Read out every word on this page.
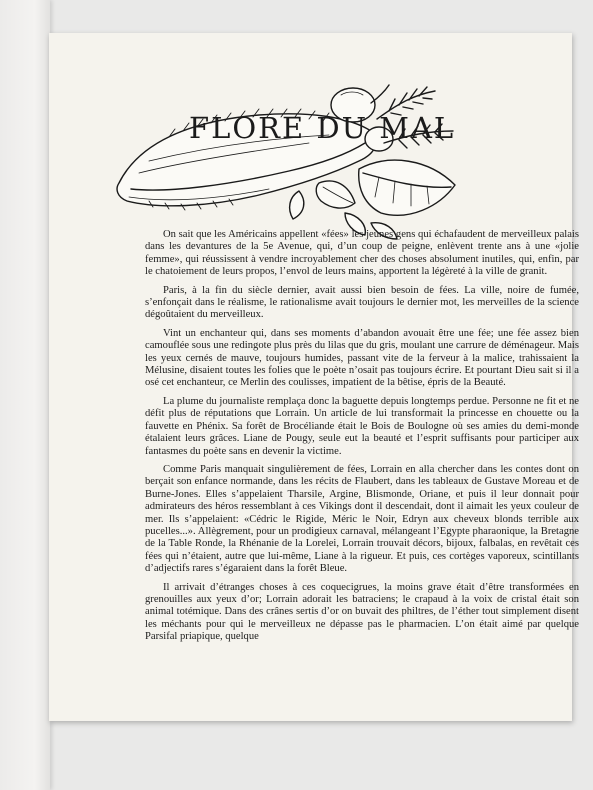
FLORE DU MAL

On sait que les Américains appellent «fées» les jeunes gens qui échafaudent de merveilleux palais dans les devantures de la 5e Avenue, qui, d’un coup de peigne, enlèvent trente ans à une «jolie femme», qui réussissent à vendre incroyablement cher des choses absolument inutiles, qui, enfin, par le chatoiement de leurs propos, l’envol de leurs mains, apportent la légèreté à la ville de granit.

Paris, à la fin du siècle dernier, avait aussi bien besoin de fées. La ville, noire de fumée, s’enfonçait dans le réalisme, le rationalisme avait toujours le dernier mot, les merveilles de la science dégoûtaient du merveilleux.

Vint un enchanteur qui, dans ses moments d’abandon avouait être une fée; une fée assez bien camouflée sous une redingote plus près du lilas que du gris, moulant une carrure de déménageur. Mais les yeux cernés de mauve, toujours humides, passant vite de la ferveur à la malice, trahissaient la Mélusine, disaient toutes les folies que le poète n’osait pas toujours écrire. Et pourtant Dieu sait si il a osé cet enchanteur, ce Merlin des coulisses, impatient de la bêtise, épris de la Beauté.

La plume du journaliste remplaça donc la baguette depuis longtemps perdue. Personne ne fit et ne défit plus de réputations que Lorrain. Un article de lui transformait la princesse en chouette ou la fauvette en Phénix. Sa forêt de Brocéliande était le Bois de Boulogne où ses amies du demi-monde étalaient leurs grâces. Liane de Pougy, seule eut la beauté et l’esprit suffisants pour participer aux fantasmes du poète sans en devenir la victime.

Comme Paris manquait singulièrement de fées, Lorrain en alla chercher dans les contes dont on berçait son enfance normande, dans les récits de Flaubert, dans les tableaux de Gustave Moreau et de Burne-Jones. Elles s’appelaient Tharsile, Argine, Blismonde, Oriane, et puis il leur donnait pour admirateurs des héros ressemblant à ces Vikings dont il descendait, dont il aimait les yeux couleur de mer. Ils s’appelaient: «Cédric le Rigide, Méric le Noir, Edryn aux cheveux blonds terrible aux pucelles...». Allègrement, pour un prodigieux carnaval, mélangeant l’Egypte pharaonique, la Bretagne de la Table Ronde, la Rhénanie de la Lorelei, Lorrain trouvait décors, bijoux, falbalas, en revêtait ces fées qui n’étaient, autre que lui-même, Liane à la rigueur. Et puis, ces cortèges vaporeux, scintillants d’adjectifs rares s’égaraient dans la forêt Bleue.

Il arrivait d’étranges choses à ces coquecigrues, la moins grave était d’être transformées en grenouilles aux yeux d’or; Lorrain adorait les batraciens; le crapaud à la voix de cristal était son animal totémique. Dans des crânes sertis d’or on buvait des philtres, de l’éther tout simplement disent les méchants pour qui le merveilleux ne dépasse pas le pharmacien. L’on était aimé par quelque Parsifal priapique, quelque
